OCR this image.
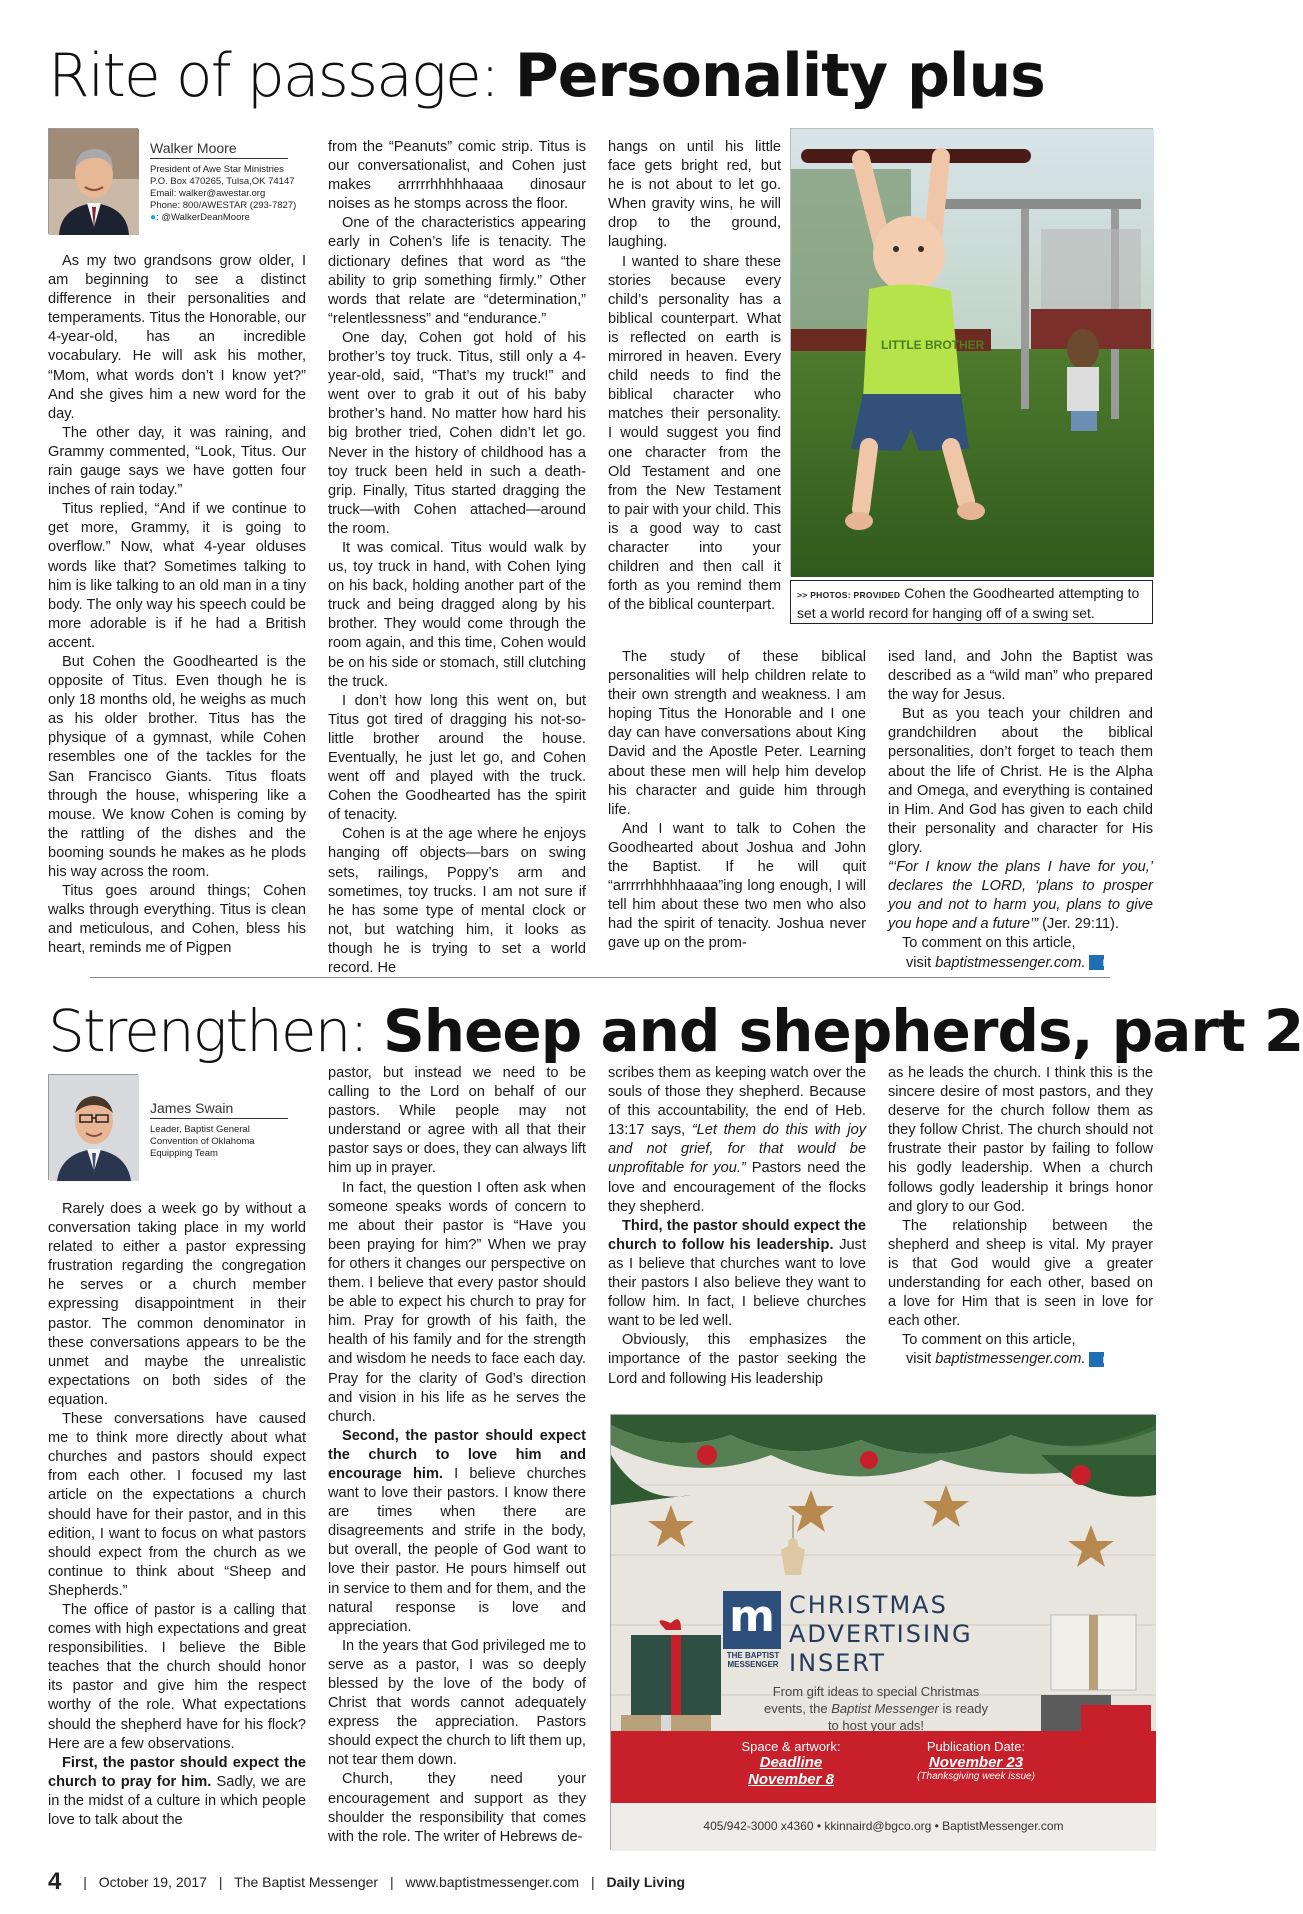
Rite of passage: Personality plus
Walker Moore
President of Awe Star Ministries
P.O. Box 470265, Tulsa,OK 74147
Email: walker@awestar.org
Phone: 800/AWESTAR (293-7827)
●: @WalkerDeanMoore

As my two grandsons grow older, I am beginning to see a distinct difference in their personalities and temperaments. Titus the Honorable, our 4-year-old, has an incredible vocabulary. He will ask his mother, “Mom, what words don’t I know yet?” And she gives him a new word for the day.

The other day, it was raining, and Grammy commented, “Look, Titus. Our rain gauge says we have gotten four inches of rain today.”

Titus replied, “And if we continue to get more, Grammy, it is going to overflow.” Now, what 4-year olduses words like that? Sometimes talking to him is like talking to an old man in a tiny body. The only way his speech could be more adorable is if he had a British accent.

But Cohen the Goodhearted is the opposite of Titus. Even though he is only 18 months old, he weighs as much as his older brother. Titus has the physique of a gymnast, while Cohen resembles one of the tackles for the San Francisco Giants. Titus floats through the house, whispering like a mouse. We know Cohen is coming by the rattling of the dishes and the booming sounds he makes as he plods his way across the room.

Titus goes around things; Cohen walks through everything. Titus is clean and meticulous, and Cohen, bless his heart, reminds me of Pigpen

from the “Peanuts” comic strip. Titus is our conversationalist, and Cohen just makes arrrrrhhhhhaaaa dinosaur noises as he stomps across the floor.

One of the characteristics appearing early in Cohen’s life is tenacity. The dictionary defines that word as “the ability to grip something firmly.” Other words that relate are “determination,” “relentlessness” and “endurance.”

One day, Cohen got hold of his brother’s toy truck. Titus, still only a 4-year-old, said, “That’s my truck!” and went over to grab it out of his baby brother’s hand. No matter how hard his big brother tried, Cohen didn’t let go. Never in the history of childhood has a toy truck been held in such a death-grip. Finally, Titus started dragging the truck—with Cohen attached—around the room.

It was comical. Titus would walk by us, toy truck in hand, with Cohen lying on his back, holding another part of the truck and being dragged along by his brother. They would come through the room again, and this time, Cohen would be on his side or stomach, still clutching the truck.

I don’t how long this went on, but Titus got tired of dragging his not-so-little brother around the house. Eventually, he just let go, and Cohen went off and played with the truck. Cohen the Goodhearted has the spirit of tenacity.

Cohen is at the age where he enjoys hanging off objects—bars on swing sets, railings, Poppy’s arm and sometimes, toy trucks. I am not sure if he has some type of mental clock or not, but watching him, it looks as though he is trying to set a world record. He

hangs on until his little face gets bright red, but he is not about to let go. When gravity wins, he will drop to the ground, laughing.

I wanted to share these stories because every child’s personality has a biblical counterpart. What is reflected on earth is mirrored in heaven. Every child needs to find the biblical character who matches their personality. I would suggest you find one character from the Old Testament and one from the New Testament to pair with your child. This is a good way to cast character into your children and then call it forth as you remind them of the biblical counterpart.

The study of these biblical personalities will help children relate to their own strength and weakness. I am hoping Titus the Honorable and I one day can have conversations about King David and the Apostle Peter. Learning about these men will help him develop his character and guide him through life.

And I want to talk to Cohen the Goodhearted about Joshua and John the Baptist. If he will quit “arrrrrhhhhhaaaa”ing long enough, I will tell him about these two men who also had the spirit of tenacity. Joshua never gave up on the prom-

LITTLE BROTHER
>> PHOTOS: PROVIDED Cohen the Goodhearted attempting to set a world record for hanging off of a swing set.

ised land, and John the Baptist was described as a “wild man” who prepared the way for Jesus.

But as you teach your children and grandchildren about the biblical personalities, don’t forget to teach them about the life of Christ. He is the Alpha and Omega, and everything is contained in Him. And God has given to each child their personality and character for His glory.

“‘For I know the plans I have for you,’ declares the LORD, ‘plans to prosper you and not to harm you, plans to give you hope and a future’” (Jer. 29:11).

To comment on this article,

visit baptistmessenger.com. m

Strengthen: Sheep and shepherds, part 2
James Swain
Leader, Baptist General
Convention of Oklahoma
Equipping Team

Rarely does a week go by without a conversation taking place in my world related to either a pastor expressing frustration regarding the congregation he serves or a church member expressing disappointment in their pastor. The common denominator in these conversations appears to be the unmet and maybe the unrealistic expectations on both sides of the equation.

These conversations have caused me to think more directly about what churches and pastors should expect from each other. I focused my last article on the expectations a church should have for their pastor, and in this edition, I want to focus on what pastors should expect from the church as we continue to think about “Sheep and Shepherds.”

The office of pastor is a calling that comes with high expectations and great responsibilities. I believe the Bible teaches that the church should honor its pastor and give him the respect worthy of the role. What expectations should the shepherd have for his flock? Here are a few observations.

First, the pastor should expect the church to pray for him. Sadly, we are in the midst of a culture in which people love to talk about the

pastor, but instead we need to be calling to the Lord on behalf of our pastors. While people may not understand or agree with all that their pastor says or does, they can always lift him up in prayer.

In fact, the question I often ask when someone speaks words of concern to me about their pastor is “Have you been praying for him?” When we pray for others it changes our perspective on them. I believe that every pastor should be able to expect his church to pray for him. Pray for growth of his faith, the health of his family and for the strength and wisdom he needs to face each day. Pray for the clarity of God’s direction and vision in his life as he serves the church.

Second, the pastor should expect the church to love him and encourage him. I believe churches want to love their pastors. I know there are times when there are disagreements and strife in the body, but overall, the people of God want to love their pastor. He pours himself out in service to them and for them, and the natural response is love and appreciation.

In the years that God privileged me to serve as a pastor, I was so deeply blessed by the love of the body of Christ that words cannot adequately express the appreciation. Pastors should expect the church to lift them up, not tear them down.

Church, they need your encouragement and support as they shoulder the responsibility that comes with the role. The writer of Hebrews de-

scribes them as keeping watch over the souls of those they shepherd. Because of this accountability, the end of Heb. 13:17 says, “Let them do this with joy and not grief, for that would be unprofitable for you.” Pastors need the love and encouragement of the flocks they shepherd.

Third, the pastor should expect the church to follow his leadership. Just as I believe that churches want to love their pastors I also believe they want to follow him. In fact, I believe churches want to be led well.

Obviously, this emphasizes the importance of the pastor seeking the Lord and following His leadership

as he leads the church. I think this is the sincere desire of most pastors, and they deserve for the church follow them as they follow Christ. The church should not frustrate their pastor by failing to follow his godly leadership. When a church follows godly leadership it brings honor and glory to our God.

The relationship between the shepherd and sheep is vital. My prayer is that God would give a greater understanding for each other, based on a love for Him that is seen in love for each other.

To comment on this article,

visit baptistmessenger.com. m

m
THE BAPTIST
MESSENGER
CHRISTMAS
ADVERTISING
INSERT
From gift ideas to special Christmas
events, the Baptist Messenger is ready
to host your ads!
Space & artwork:
Deadline
November 8
Publication Date:
November 23
(Thanksgiving week issue)
405/942-3000 x4360 • kkinnaird@bgco.org • BaptistMessenger.com
4 | October 19, 2017 | The Baptist Messenger | www.baptistmessenger.com | Daily Living
